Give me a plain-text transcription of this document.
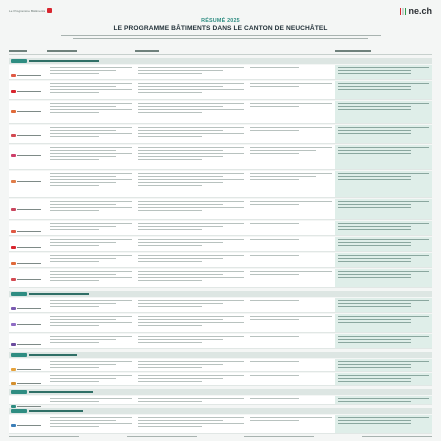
Le Programme Bâtiments	ne.ch
RÉSUMÉ 2025
LE PROGRAMME BÂTIMENTS DANS LE CANTON DE NEUCHÂTEL
